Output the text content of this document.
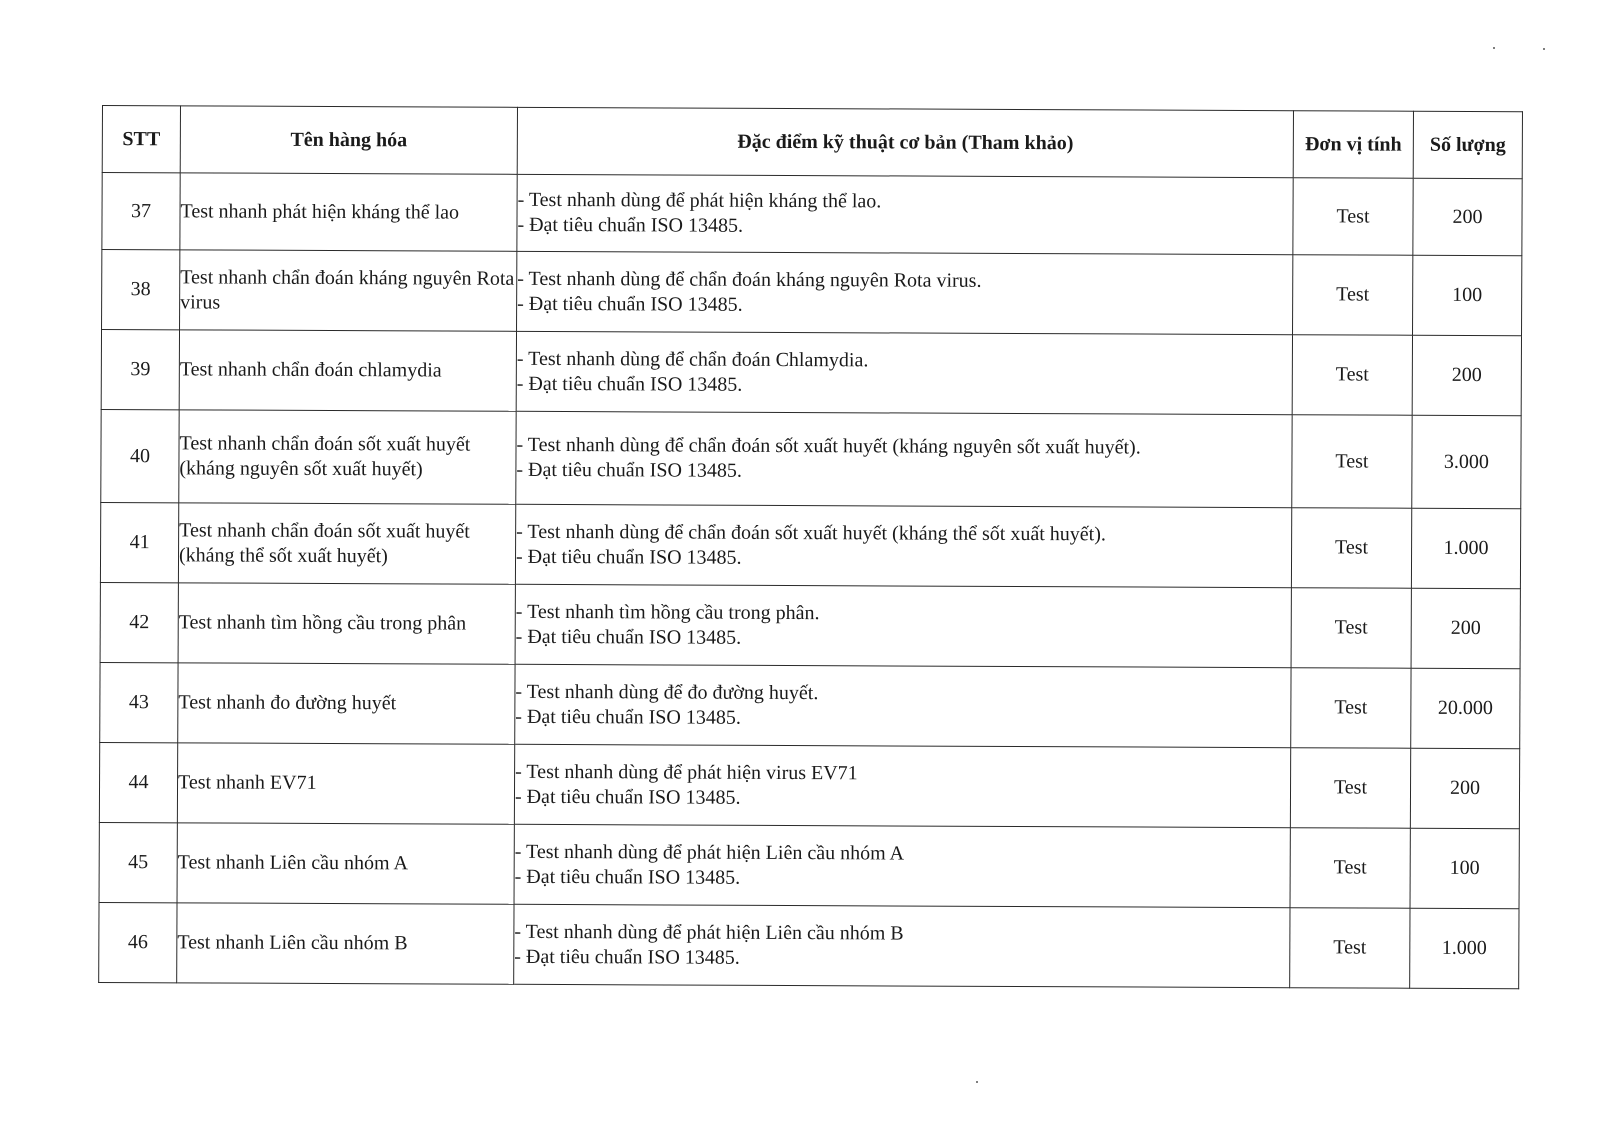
STT	Tên hàng hóa	Đặc điểm kỹ thuật cơ bản (Tham khảo)	Đơn vị tính	Số lượng
37	Test nhanh phát hiện kháng thể lao	- Test nhanh dùng để phát hiện kháng thể lao.
- Đạt tiêu chuẩn ISO 13485.	Test	200
38	Test nhanh chẩn đoán kháng nguyên Rota virus	- Test nhanh dùng để chẩn đoán kháng nguyên Rota virus.
- Đạt tiêu chuẩn ISO 13485.	Test	100
39	Test nhanh chẩn đoán chlamydia	- Test nhanh dùng để chẩn đoán Chlamydia.
- Đạt tiêu chuẩn ISO 13485.	Test	200
40	Test nhanh chẩn đoán sốt xuất huyết (kháng nguyên sốt xuất huyết)	- Test nhanh dùng để chẩn đoán sốt xuất huyết (kháng nguyên sốt xuất huyết).
- Đạt tiêu chuẩn ISO 13485.	Test	3.000
41	Test nhanh chẩn đoán sốt xuất huyết (kháng thể sốt xuất huyết)	- Test nhanh dùng để chẩn đoán sốt xuất huyết (kháng thể sốt xuất huyết).
- Đạt tiêu chuẩn ISO 13485.	Test	1.000
42	Test nhanh tìm hồng cầu trong phân	- Test nhanh tìm hồng cầu trong phân.
- Đạt tiêu chuẩn ISO 13485.	Test	200
43	Test nhanh đo đường huyết	- Test nhanh dùng để đo đường huyết.
- Đạt tiêu chuẩn ISO 13485.	Test	20.000
44	Test nhanh EV71	- Test nhanh dùng để phát hiện virus EV71
- Đạt tiêu chuẩn ISO 13485.	Test	200
45	Test nhanh Liên cầu nhóm A	- Test nhanh dùng để phát hiện Liên cầu nhóm A
- Đạt tiêu chuẩn ISO 13485.	Test	100
46	Test nhanh Liên cầu nhóm B	- Test nhanh dùng để phát hiện Liên cầu nhóm B
- Đạt tiêu chuẩn ISO 13485.	Test	1.000
